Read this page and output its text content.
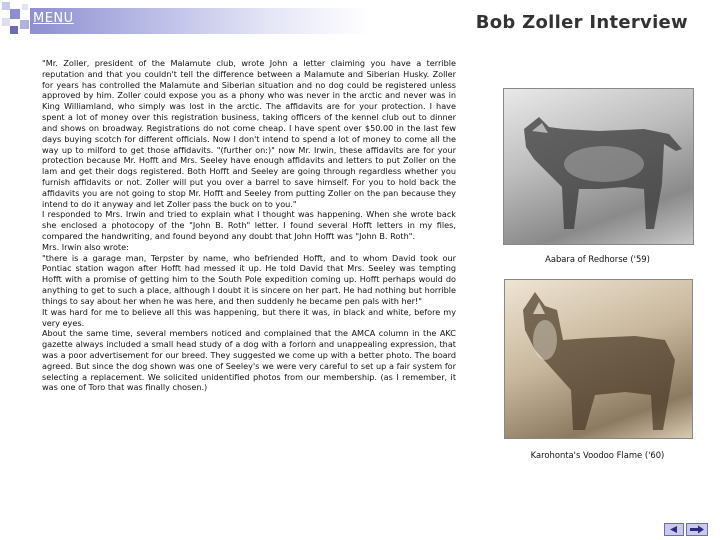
MENU	Bob Zoller Interview

"Mr. Zoller, president of the Malamute club, wrote John a letter claiming you have a terrible reputation and that you couldn't tell the difference between a Malamute and Siberian Husky. Zoller for years has controlled the Malamute and Siberian situation and no dog could be registered unless approved by him. Zoller could expose you as a phony who was never in the arctic and never was in King Williamland, who simply was lost in the arctic. The affidavits are for your protection. I have spent a lot of money over this registration business, taking officers of the kennel club out to dinner and shows on broadway. Registrations do not come cheap. I have spent over $50.00 in the last few days buying scotch for different officials. Now I don't intend to spend a lot of money to come all the way up to milford to get those affidavits. "(further on:)" now Mr. Irwin, these affidavits are for your protection because Mr. Hofft and Mrs. Seeley have enough affidavits and letters to put Zoller on the lam and get their dogs registered. Both Hofft and Seeley are going through regardless whether you furnish affidavits or not. Zoller will put you over a barrel to save himself. For you to hold back the affidavits you are not going to stop Mr. Hofft and Seeley from putting Zoller on the pan because they intend to do it anyway and let Zoller pass the buck on to you."

I responded to Mrs. Irwin and tried to explain what I thought was happening. When she wrote back she enclosed a photocopy of the "John B. Roth" letter. I found several Hofft letters in my files, compared the handwriting, and found beyond any doubt that John Hofft was "John B. Roth".

Mrs. Irwin also wrote:

"there is a garage man, Terpster by name, who befriended Hofft, and to whom David took our Pontiac station wagon after Hofft had messed it up. He told David that Mrs. Seeley was tempting Hofft with a promise of getting him to the South Pole expedition coming up. Hofft perhaps would do anything to get to such a place, although I doubt it is sincere on her part. He had nothing but horrible things to say about her when he was here, and then suddenly he became pen pals with her!"

It was hard for me to believe all this was happening, but there it was, in black and white, before my very eyes.

About the same time, several members noticed and complained that the AMCA column in the AKC gazette always included a small head study of a dog with a forlorn and unappealing expression, that was a poor advertisement for our breed. They suggested we come up with a better photo. The board agreed. But since the dog shown was one of Seeley's we were very careful to set up a fair system for selecting a replacement. We solicited unidentified photos from our membership. (as I remember, it was one of Toro that was finally chosen.)

Aabara of Redhorse ('59)
Karohonta's Voodoo Flame ('60)
